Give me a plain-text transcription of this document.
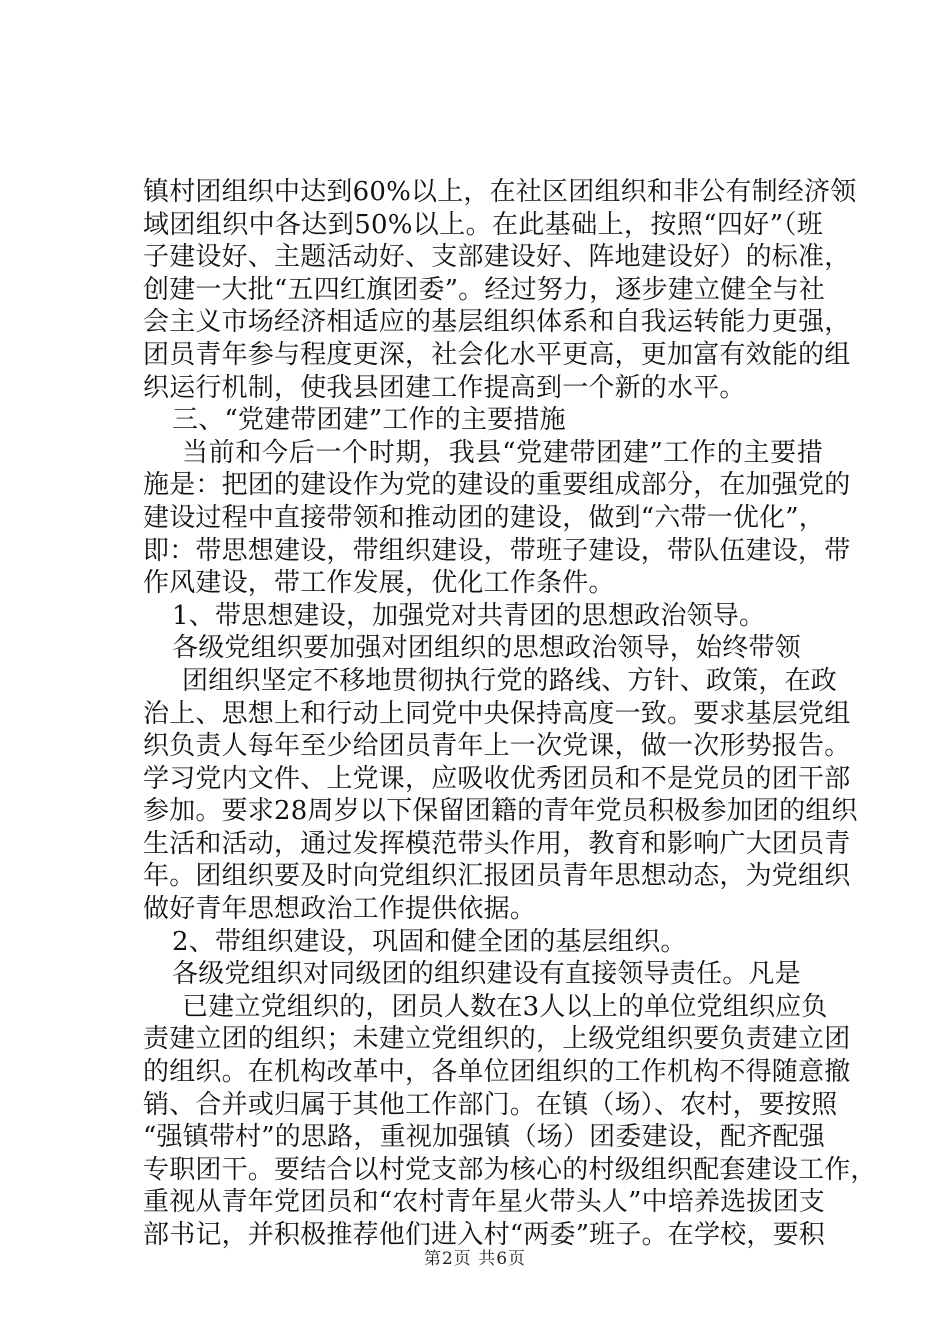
镇村团组织中达到60%以上，在社区团组织和非公有制经济领
域团组织中各达到50%以上。在此基础上，按照“四好”（班
子建设好、主题活动好、支部建设好、阵地建设好）的标准，
创建一大批“五四红旗团委”。经过努力，逐步建立健全与社
会主义市场经济相适应的基层组织体系和自我运转能力更强，
团员青年参与程度更深，社会化水平更高，更加富有效能的组
织运行机制，使我县团建工作提高到一个新的水平。
三、“党建带团建”工作的主要措施
当前和今后一个时期，我县“党建带团建”工作的主要措
施是：把团的建设作为党的建设的重要组成部分，在加强党的
建设过程中直接带领和推动团的建设，做到“六带一优化”，
即：带思想建设，带组织建设，带班子建设，带队伍建设，带
作风建设，带工作发展，优化工作条件。
1、带思想建设，加强党对共青团的思想政治领导。
各级党组织要加强对团组织的思想政治领导，始终带领
团组织坚定不移地贯彻执行党的路线、方针、政策，在政
治上、思想上和行动上同党中央保持高度一致。要求基层党组
织负责人每年至少给团员青年上一次党课，做一次形势报告。
学习党内文件、上党课，应吸收优秀团员和不是党员的团干部
参加。要求28周岁以下保留团籍的青年党员积极参加团的组织
生活和活动，通过发挥模范带头作用，教育和影响广大团员青
年。团组织要及时向党组织汇报团员青年思想动态，为党组织
做好青年思想政治工作提供依据。
2、带组织建设，巩固和健全团的基层组织。
各级党组织对同级团的组织建设有直接领导责任。凡是
已建立党组织的，团员人数在3人以上的单位党组织应负
责建立团的组织；未建立党组织的，上级党组织要负责建立团
的组织。在机构改革中，各单位团组织的工作机构不得随意撤
销、合并或归属于其他工作部门。在镇（场）、农村，要按照
“强镇带村”的思路，重视加强镇（场）团委建设，配齐配强
专职团干。要结合以村党支部为核心的村级组织配套建设工作，
重视从青年党团员和“农村青年星火带头人”中培养选拔团支
部书记，并积极推荐他们进入村“两委”班子。在学校，要积
第2页 共6页
